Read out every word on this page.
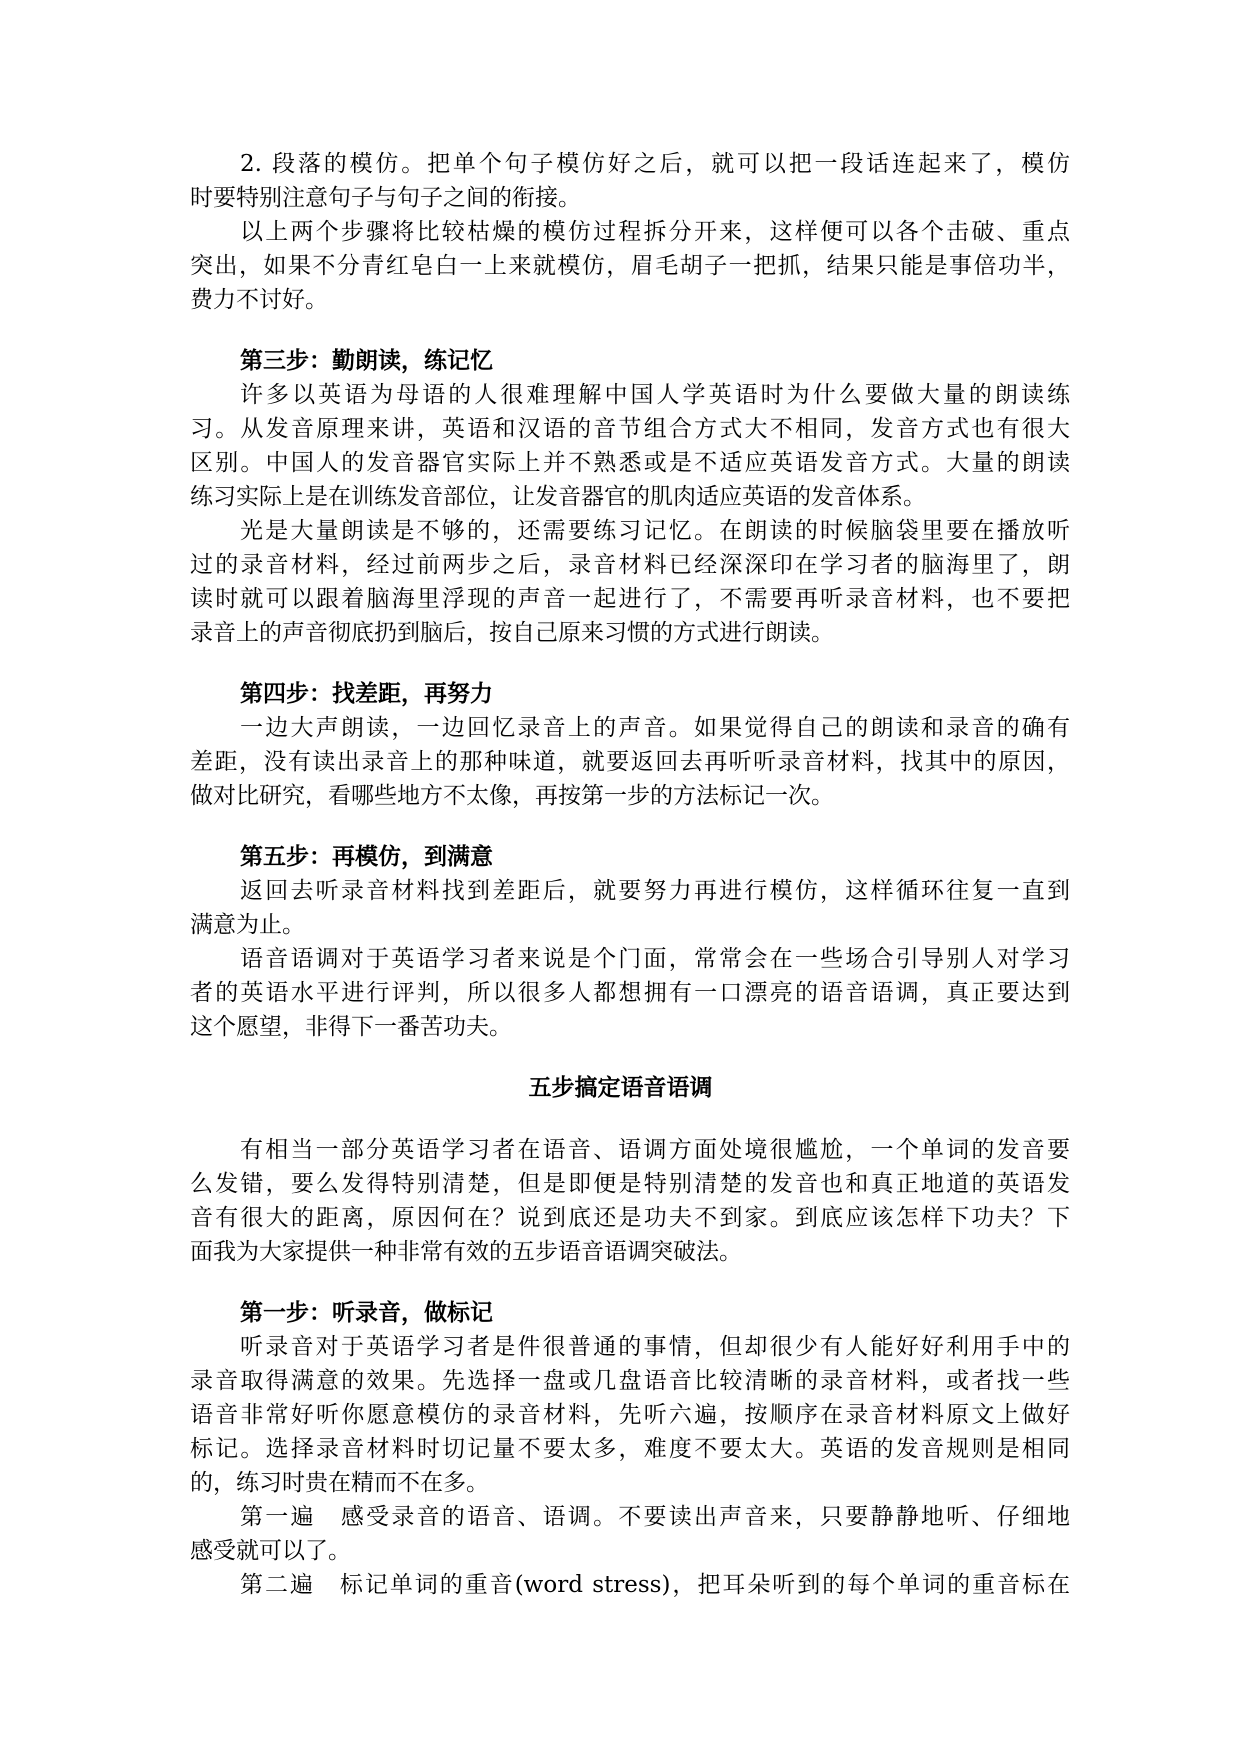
2. 段落的模仿。把单个句子模仿好之后，就可以把一段话连起来了，模仿
时要特别注意句子与句子之间的衔接。
以上两个步骤将比较枯燥的模仿过程拆分开来，这样便可以各个击破、重点
突出，如果不分青红皂白一上来就模仿，眉毛胡子一把抓，结果只能是事倍功半，
费力不讨好。
第三步：勤朗读，练记忆
许多以英语为母语的人很难理解中国人学英语时为什么要做大量的朗读练
习。从发音原理来讲，英语和汉语的音节组合方式大不相同，发音方式也有很大
区别。中国人的发音器官实际上并不熟悉或是不适应英语发音方式。大量的朗读
练习实际上是在训练发音部位，让发音器官的肌肉适应英语的发音体系。
光是大量朗读是不够的，还需要练习记忆。在朗读的时候脑袋里要在播放听
过的录音材料，经过前两步之后，录音材料已经深深印在学习者的脑海里了，朗
读时就可以跟着脑海里浮现的声音一起进行了，不需要再听录音材料，也不要把
录音上的声音彻底扔到脑后，按自己原来习惯的方式进行朗读。
第四步：找差距，再努力
一边大声朗读，一边回忆录音上的声音。如果觉得自己的朗读和录音的确有
差距，没有读出录音上的那种味道，就要返回去再听听录音材料，找其中的原因，
做对比研究，看哪些地方不太像，再按第一步的方法标记一次。
第五步：再模仿，到满意
返回去听录音材料找到差距后，就要努力再进行模仿，这样循环往复一直到
满意为止。
语音语调对于英语学习者来说是个门面，常常会在一些场合引导别人对学习
者的英语水平进行评判，所以很多人都想拥有一口漂亮的语音语调，真正要达到
这个愿望，非得下一番苦功夫。
五步搞定语音语调
有相当一部分英语学习者在语音、语调方面处境很尴尬，一个单词的发音要
么发错，要么发得特别清楚，但是即便是特别清楚的发音也和真正地道的英语发
音有很大的距离，原因何在？说到底还是功夫不到家。到底应该怎样下功夫？下
面我为大家提供一种非常有效的五步语音语调突破法。
第一步：听录音，做标记
听录音对于英语学习者是件很普通的事情，但却很少有人能好好利用手中的
录音取得满意的效果。先选择一盘或几盘语音比较清晰的录音材料，或者找一些
语音非常好听你愿意模仿的录音材料，先听六遍，按顺序在录音材料原文上做好
标记。选择录音材料时切记量不要太多，难度不要太大。英语的发音规则是相同
的，练习时贵在精而不在多。
第一遍　感受录音的语音、语调。不要读出声音来，只要静静地听、仔细地
感受就可以了。
第二遍　标记单词的重音(word stress)，把耳朵听到的每个单词的重音标在
